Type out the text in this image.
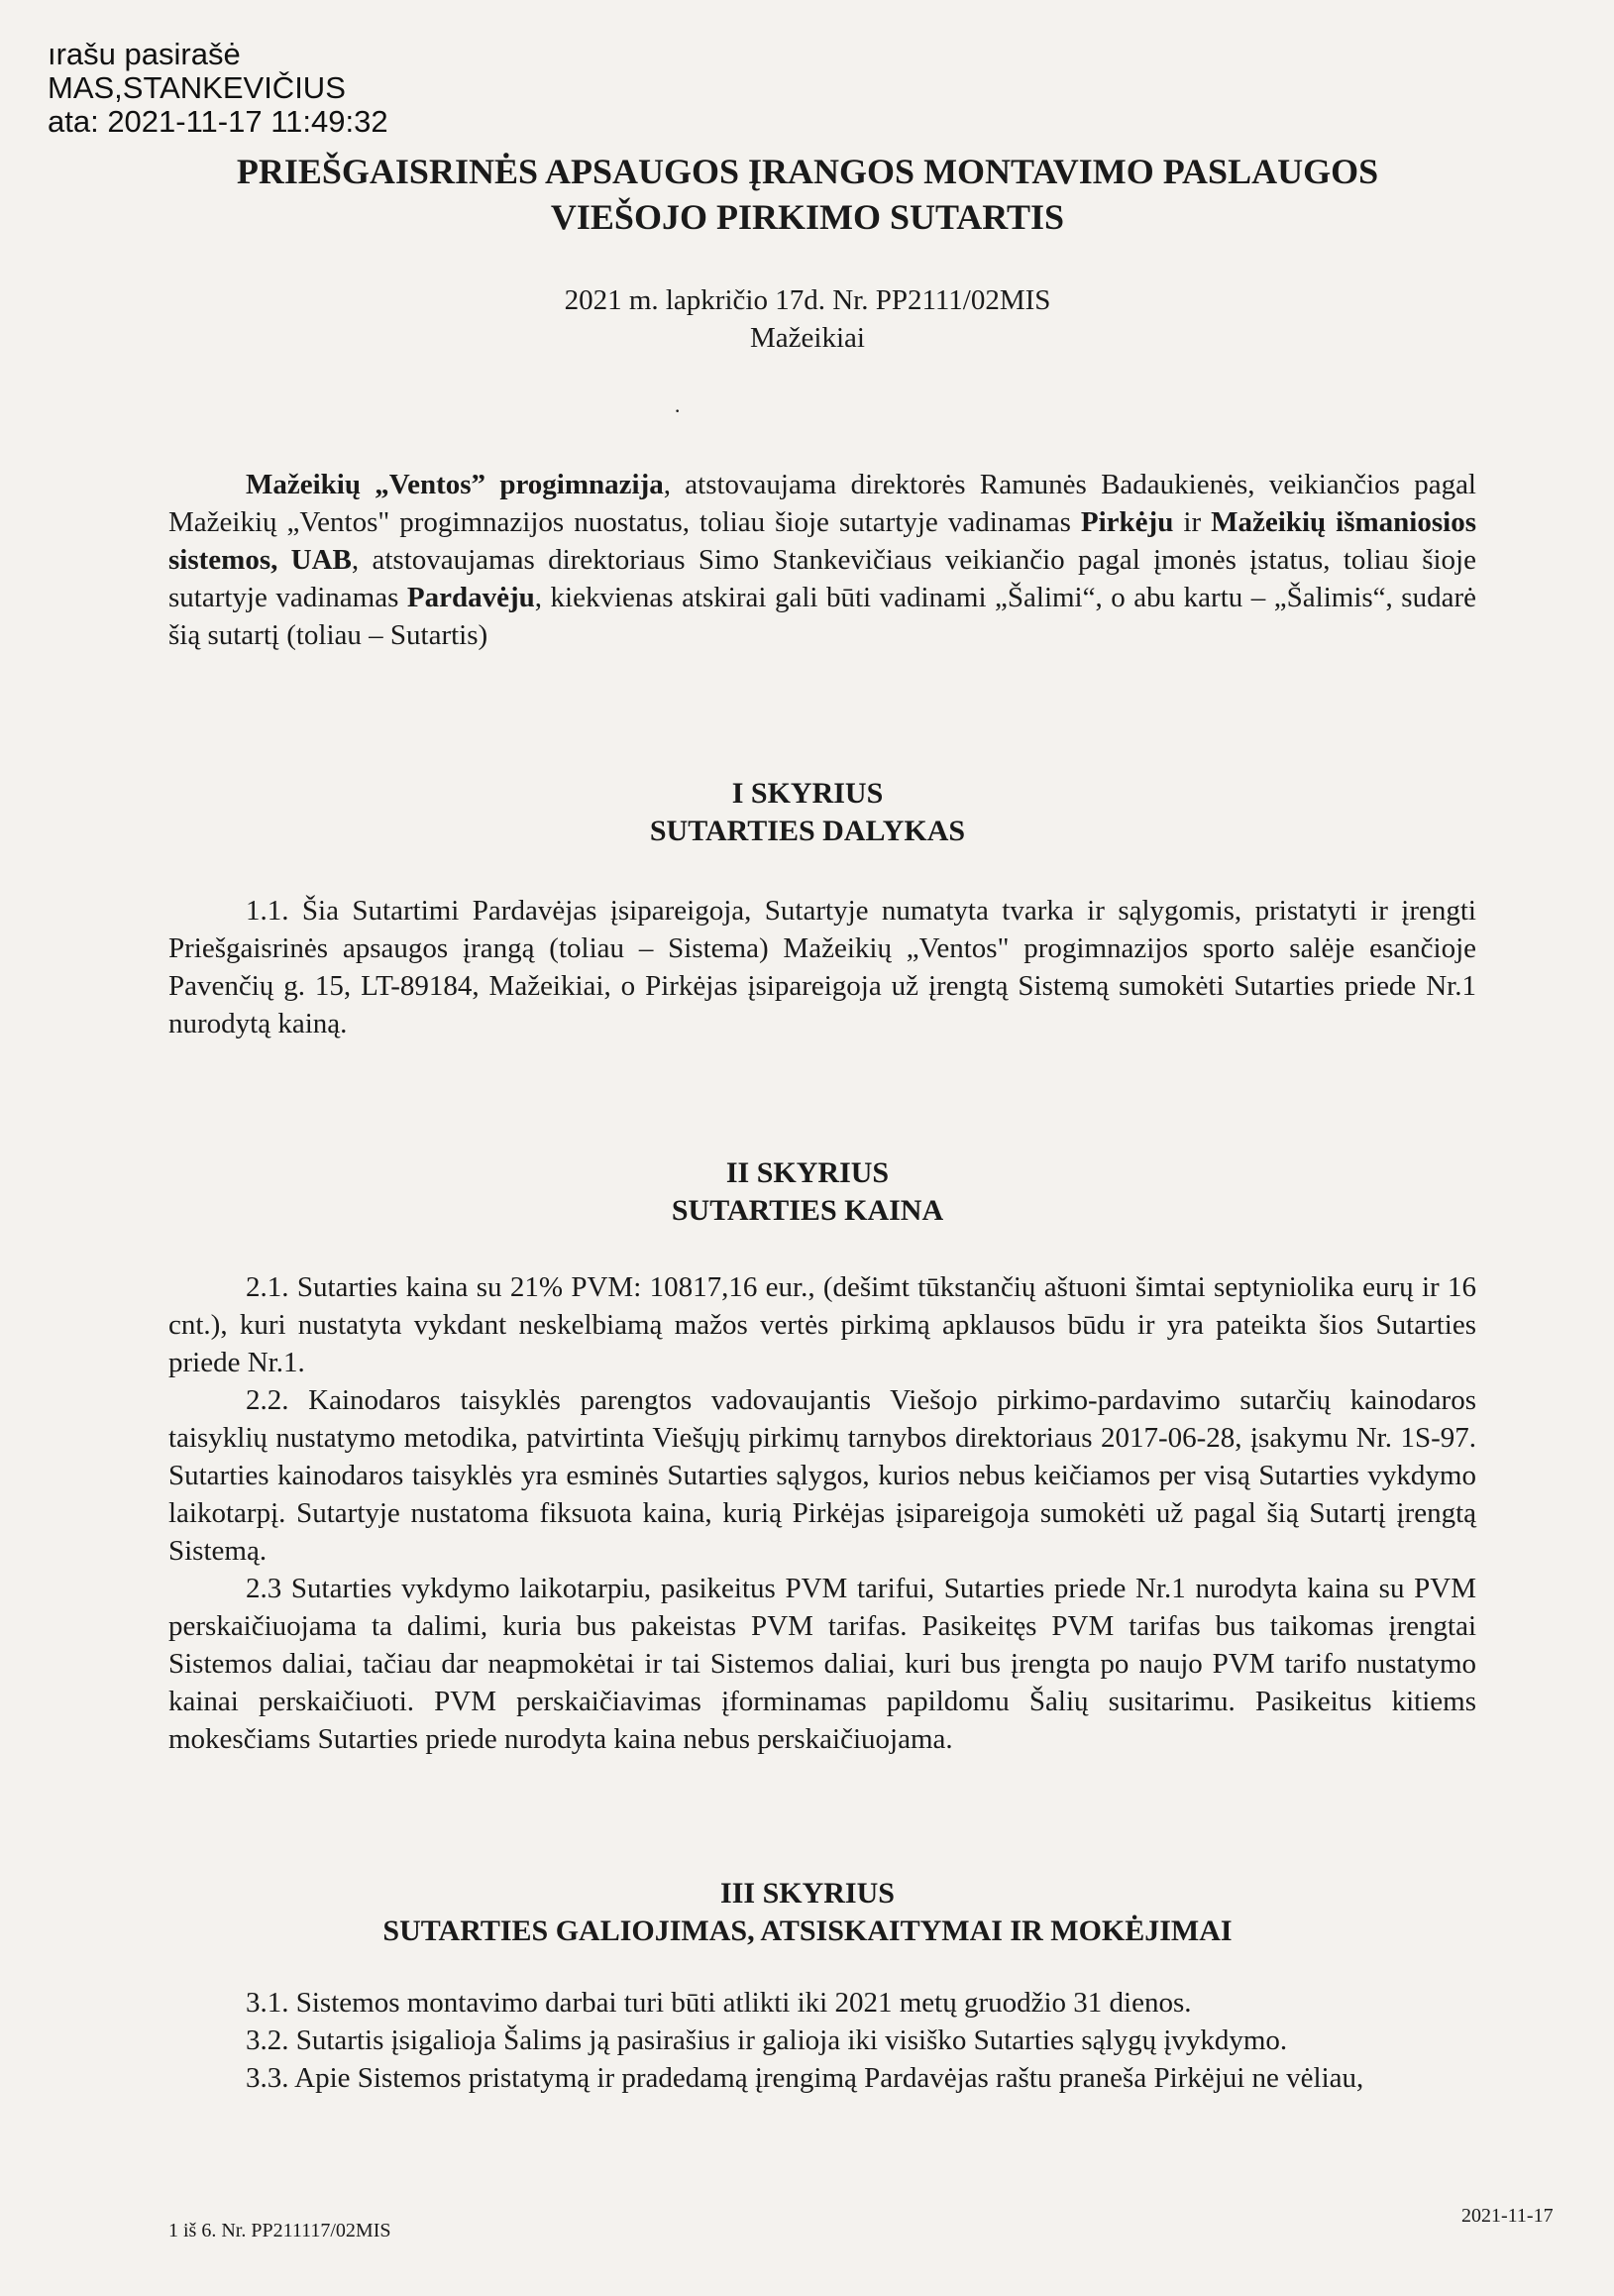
ırašu pasirašė
MAS,STANKEVIČIUS
ata: 2021-11-17 11:49:32

PRIEŠGAISRINĖS APSAUGOS ĮRANGOS MONTAVIMO PASLAUGOS
VIEŠOJO PIRKIMO SUTARTIS
2021 m. lapkričio 17d. Nr. PP2111/02MIS
Mažeikiai
·

Mažeikių „Ventos” progimnazija, atstovaujama direktorės Ramunės Badaukienės, veikiančios pagal Mažeikių „Ventos" progimnazijos nuostatus, toliau šioje sutartyje vadinamas Pirkėju ir Mažeikių išmaniosios sistemos, UAB, atstovaujamas direktoriaus Simo Stankevičiaus veikiančio pagal įmonės įstatus, toliau šioje sutartyje vadinamas Pardavėju, kiekvienas atskirai gali būti vadinami „Šalimi“, o abu kartu – „Šalimis“, sudarė šią sutartį (toliau – Sutartis)

I SKYRIUS
SUTARTIES DALYKAS

1.1. Šia Sutartimi Pardavėjas įsipareigoja, Sutartyje numatyta tvarka ir sąlygomis, pristatyti ir įrengti Priešgaisrinės apsaugos įrangą (toliau – Sistema) Mažeikių „Ventos" progimnazijos sporto salėje esančioje Pavenčių g. 15, LT-89184, Mažeikiai, o Pirkėjas įsipareigoja už įrengtą Sistemą sumokėti Sutarties priede Nr.1 nurodytą kainą.

II SKYRIUS
SUTARTIES KAINA

2.1. Sutarties kaina su 21% PVM: 10817,16 eur., (dešimt tūkstančių aštuoni šimtai septyniolika eurų ir 16 cnt.), kuri nustatyta vykdant neskelbiamą mažos vertės pirkimą apklausos būdu ir yra pateikta šios Sutarties priede Nr.1.

2.2. Kainodaros taisyklės parengtos vadovaujantis Viešojo pirkimo-pardavimo sutarčių kainodaros taisyklių nustatymo metodika, patvirtinta Viešųjų pirkimų tarnybos direktoriaus 2017-06-28, įsakymu Nr. 1S-97. Sutarties kainodaros taisyklės yra esminės Sutarties sąlygos, kurios nebus keičiamos per visą Sutarties vykdymo laikotarpį. Sutartyje nustatoma fiksuota kaina, kurią Pirkėjas įsipareigoja sumokėti už pagal šią Sutartį įrengtą Sistemą.

2.3 Sutarties vykdymo laikotarpiu, pasikeitus PVM tarifui, Sutarties priede Nr.1 nurodyta kaina su PVM perskaičiuojama ta dalimi, kuria bus pakeistas PVM tarifas. Pasikeitęs PVM tarifas bus taikomas įrengtai Sistemos daliai, tačiau dar neapmokėtai ir tai Sistemos daliai, kuri bus įrengta po naujo PVM tarifo nustatymo kainai perskaičiuoti. PVM perskaičiavimas įforminamas papildomu Šalių susitarimu. Pasikeitus kitiems mokesčiams Sutarties priede nurodyta kaina nebus perskaičiuojama.

III SKYRIUS
SUTARTIES GALIOJIMAS, ATSISKAITYMAI IR MOKĖJIMAI

3.1. Sistemos montavimo darbai turi būti atlikti iki 2021 metų gruodžio 31 dienos.

3.2. Sutartis įsigalioja Šalims ją pasirašius ir galioja iki visiško Sutarties sąlygų įvykdymo.

3.3. Apie Sistemos pristatymą ir pradedamą įrengimą Pardavėjas raštu praneša Pirkėjui ne vėliau,

1 iš 6. Nr. PP211117/02MIS
2021-11-17
